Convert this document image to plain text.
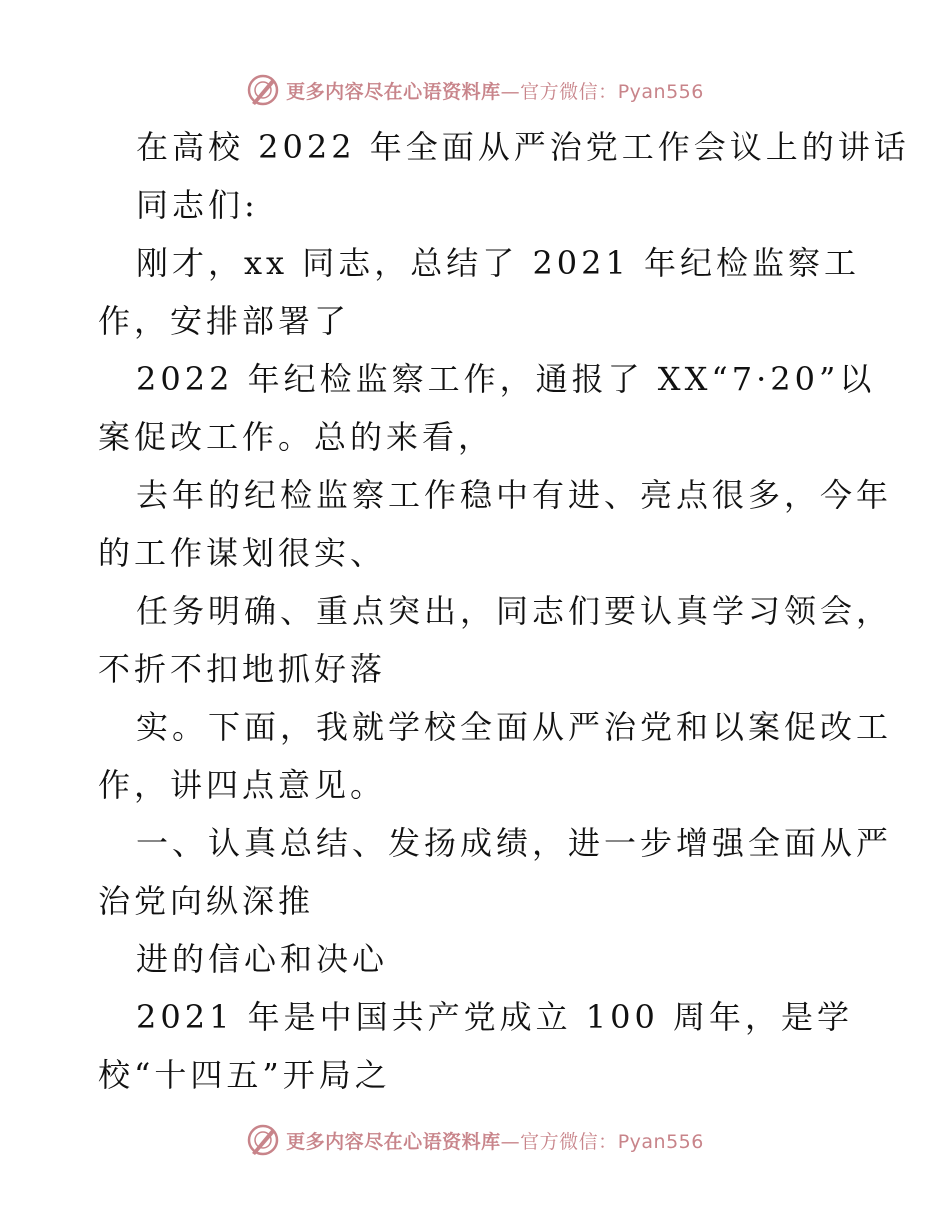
更多内容尽在心语资料库—官方微信：Pyan556
在高校 2022 年全面从严治党工作会议上的讲话
同志们:
刚才，xx 同志，总结了 2021 年纪检监察工
作，安排部署了
2022 年纪检监察工作，通报了 XX“7·20”以
案促改工作。总的来看，
去年的纪检监察工作稳中有进、亮点很多，今年
的工作谋划很实、
任务明确、重点突出，同志们要认真学习领会，
不折不扣地抓好落
实。下面，我就学校全面从严治党和以案促改工
作，讲四点意见。
一、认真总结、发扬成绩，进一步增强全面从严
治党向纵深推
进的信心和决心
2021 年是中国共产党成立 100 周年，是学
校“十四五”开局之
更多内容尽在心语资料库—官方微信：Pyan556
